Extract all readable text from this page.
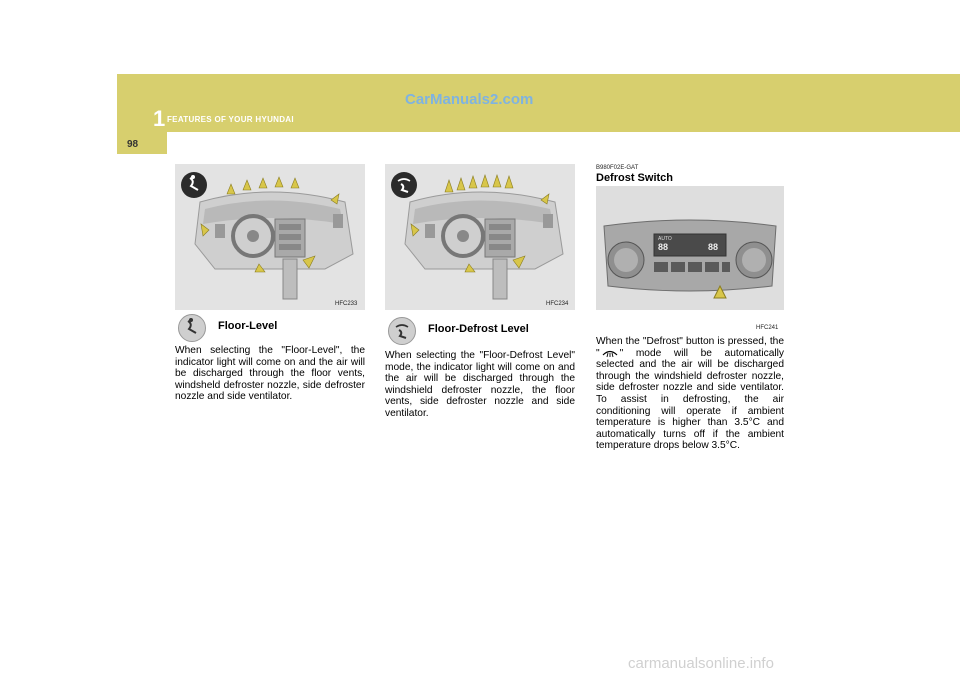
1 FEATURES OF YOUR HYUNDAI
98
CarManuals2.com
HFC233	HFC234
AUTO
88	88
HFC241
Floor-Level
When selecting the "Floor-Level", the indicator light will come on and the air will be discharged through the floor vents, windsheld defroster nozzle, side defroster nozzle and side ventilator.
Floor-Defrost Level
When selecting the "Floor-Defrost Level" mode, the indicator light will come on and the air will be discharged through the windshield defroster nozzle, the floor vents, side defroster nozzle and side ventilator.
B980F02E-GAT
Defrost Switch
When the "Defrost" button is pressed, the " " mode will be automatically selected and the air will be discharged through the windshield defroster nozzle, side defroster nozzle and side ventilator. To assist in defrosting, the air conditioning will operate if ambient temperature is higher than 3.5°C and automatically turns off if the ambient temperature drops below 3.5°C.
carmanualsonline.info
